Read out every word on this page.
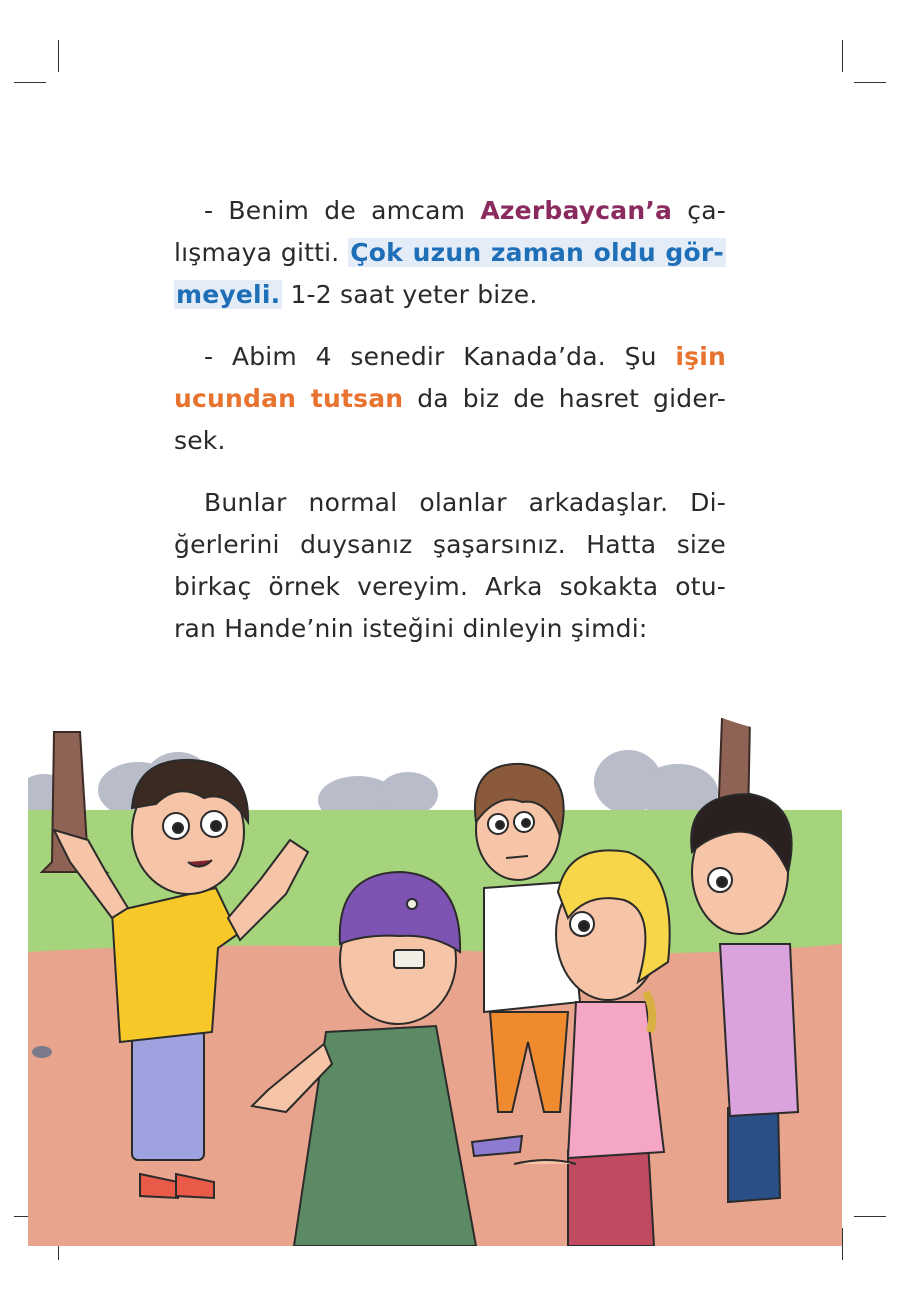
- Benim de amcam Azerbaycan’a ça-
lışmaya gitti. Çok uzun zaman oldu gör-
meyeli. 1-2 saat yeter bize.
- Abim 4 senedir Kanada’da. Şu işin
ucundan tutsan da biz de hasret gider-
sek.
Bunlar normal olanlar arkadaşlar. Di-
ğerlerini duysanız şaşarsınız. Hatta size
birkaç örnek vereyim. Arka sokakta otu-
ran Hande’nin isteğini dinleyin şimdi:
